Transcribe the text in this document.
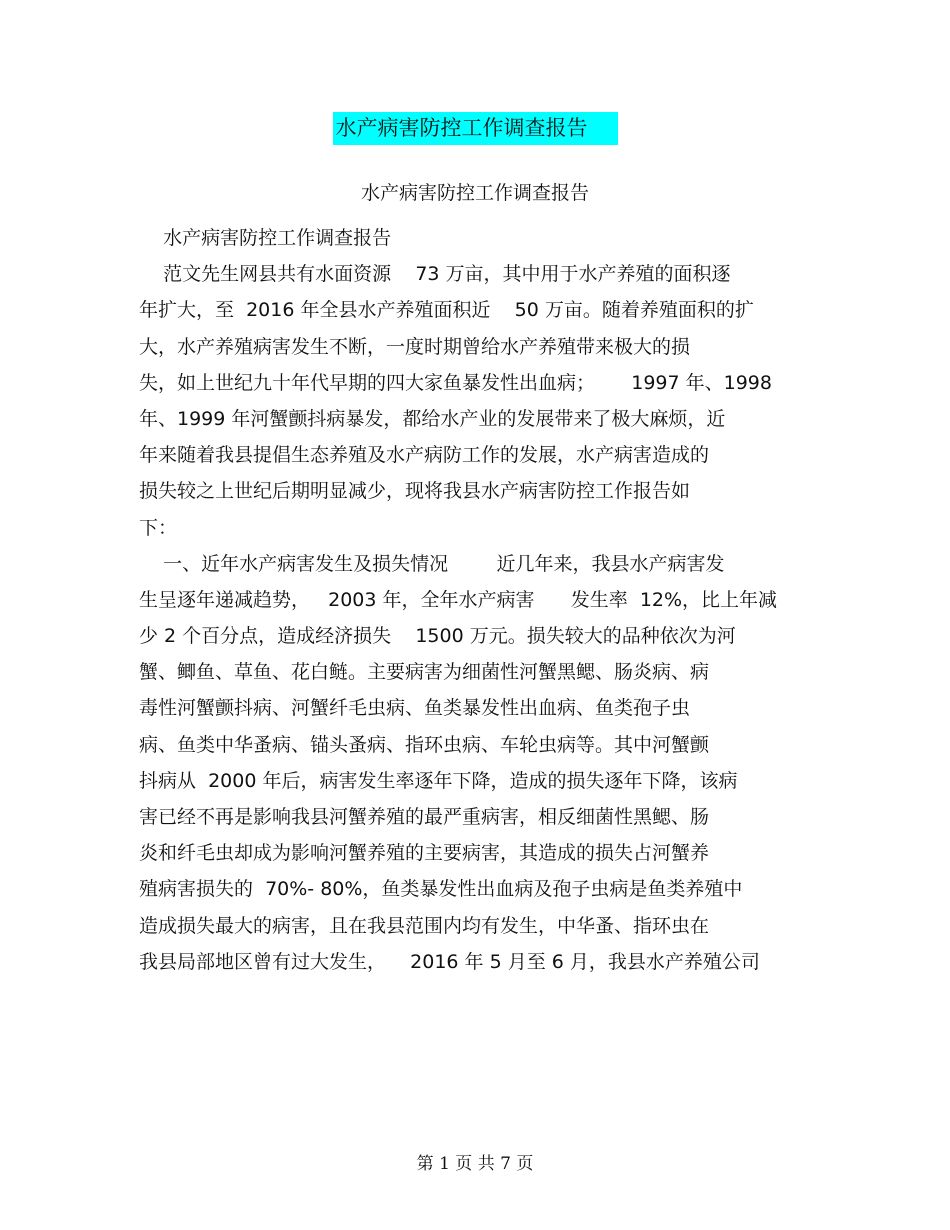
水产病害防控工作调查报告
水产病害防控工作调查报告
水产病害防控工作调查报告
范文先生网县共有水面资源    73 万亩，其中用于水产养殖的面积逐
年扩大，至  2016 年全县水产养殖面积近    50 万亩。随着养殖面积的扩
大，水产养殖病害发生不断，一度时期曾给水产养殖带来极大的损
失，如上世纪九十年代早期的四大家鱼暴发性出血病；      1997 年、1998
年、1999 年河蟹颤抖病暴发，都给水产业的发展带来了极大麻烦，近
年来随着我县提倡生态养殖及水产病防工作的发展，水产病害造成的
损失较之上世纪后期明显减少，现将我县水产病害防控工作报告如
下：
一、近年水产病害发生及损失情况        近几年来，我县水产病害发
生呈逐年递减趋势，   2003 年，全年水产病害      发生率  12%，比上年减
少 2 个百分点，造成经济损失    1500 万元。损失较大的品种依次为河
蟹、鲫鱼、草鱼、花白鲢。主要病害为细菌性河蟹黑鳃、肠炎病、病
毒性河蟹颤抖病、河蟹纤毛虫病、鱼类暴发性出血病、鱼类孢子虫
病、鱼类中华蚤病、锚头蚤病、指环虫病、车轮虫病等。其中河蟹颤
抖病从  2000 年后，病害发生率逐年下降，造成的损失逐年下降，该病
害已经不再是影响我县河蟹养殖的最严重病害，相反细菌性黑鳃、肠
炎和纤毛虫却成为影响河蟹养殖的主要病害，其造成的损失占河蟹养
殖病害损失的  70%- 80%，鱼类暴发性出血病及孢子虫病是鱼类养殖中
造成损失最大的病害，且在我县范围内均有发生，中华蚤、指环虫在
我县局部地区曾有过大发生，    2016 年 5 月至 6 月，我县水产养殖公司
第 1 页 共 7 页
